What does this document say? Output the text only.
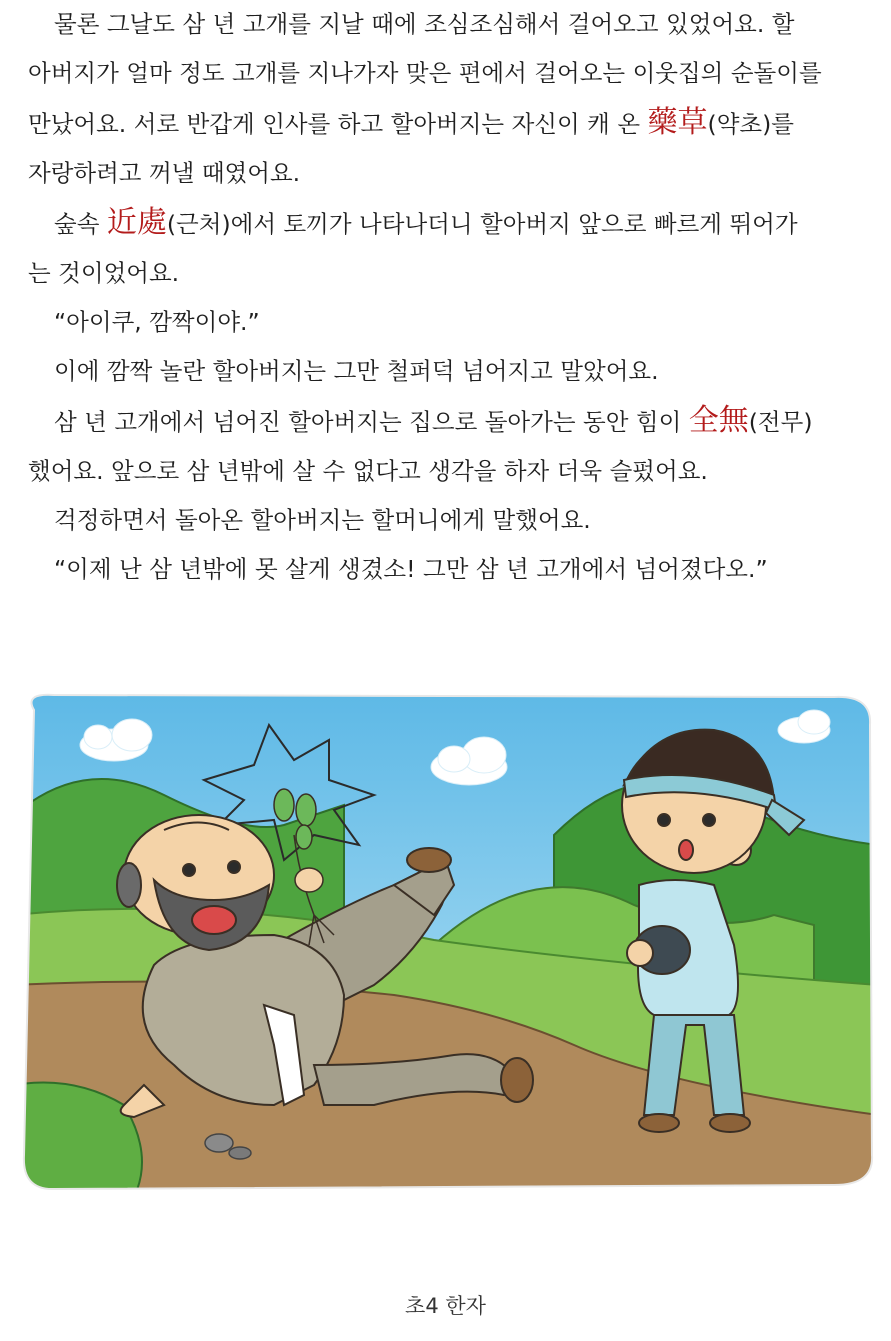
물론 그날도 삼 년 고개를 지날 때에 조심조심해서 걸어오고 있었어요. 할
아버지가 얼마 정도 고개를 지나가자 맞은 편에서 걸어오는 이웃집의 순돌이를
만났어요. 서로 반갑게 인사를 하고 할아버지는 자신이 캐 온 藥草(약초)를
자랑하려고 꺼낼 때였어요.
숲속 近處(근처)에서 토끼가 나타나더니 할아버지 앞으로 빠르게 뛰어가
는 것이었어요.
“아이쿠, 깜짝이야.”
이에 깜짝 놀란 할아버지는 그만 철퍼덕 넘어지고 말았어요.
삼 년 고개에서 넘어진 할아버지는 집으로 돌아가는 동안 힘이 全無(전무)
했어요. 앞으로 삼 년밖에 살 수 없다고 생각을 하자 더욱 슬펐어요.
걱정하면서 돌아온 할아버지는 할머니에게 말했어요.
“이제 난 삼 년밖에 못 살게 생겼소! 그만 삼 년 고개에서 넘어졌다오.”
초4 한자
